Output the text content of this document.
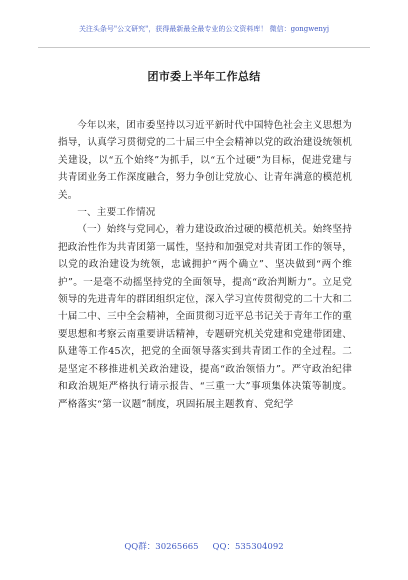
关注头条号"公文研究"，获得最新最全最专业的公文资料库！ 微信：gongwenyj
团市委上半年工作总结

今年以来，团市委坚持以习近平新时代中国特色社会主义思想为指导，认真学习贯彻党的二十届三中全会精神以党的政治建设统领机关建设，以“五个始终”为抓手，以“五个过硬”为目标，促进党建与共青团业务工作深度融合，努力争创让党放心、让青年满意的模范机关。

一、主要工作情况

（一）始终与党同心，着力建设政治过硬的模范机关。始终坚持把政治性作为共青团第一属性，坚持和加强党对共青团工作的领导，以党的政治建设为统领，忠诚拥护“两个确立”、坚决做到“两个维护”。一是毫不动摇坚持党的全面领导，提高“政治判断力”。立足党领导的先进青年的群团组织定位，深入学习宣传贯彻党的二十大和二十届二中、三中全会精神，全面贯彻习近平总书记关于青年工作的重要思想和考察云南重要讲话精神，专题研究机关党建和党建带团建、队建等工作45次，把党的全面领导落实到共青团工作的全过程。二是坚定不移推进机关政治建设，提高“政治领悟力”。严守政治纪律和政治规矩严格执行请示报告、“三重一大”事项集体决策等制度。严格落实“第一议题”制度，巩固拓展主题教育、党纪学

QQ群：30265665 QQ：535304092
